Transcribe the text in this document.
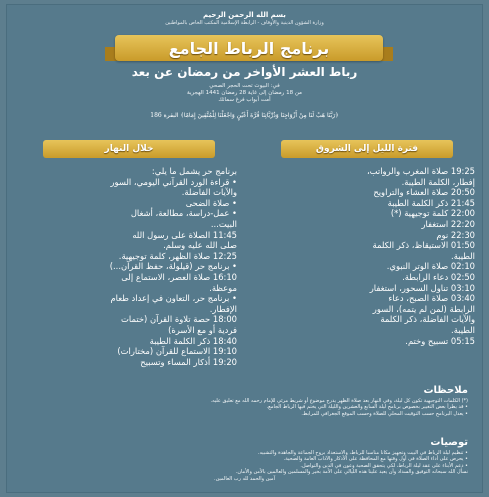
بسم الله الرحمن الرحيم
وزارة الشؤون الدينية والأوقاف - الرابطة الإسلامية المكتب الخاص بالمواطنين
برنامج الرباط الجامع
رباط العشر الأواخر من رمضان عن بعد
في: البيوت تحت الحجر الصحي
من 18 رمضان إلى غاية 28 رمضان 1441 الهجرية
أمت أبواب فرغ سمائك
﴿رَبَّنَا هَبْ لَنَا مِنْ أَزْوَاجِنَا وَذُرِّيَّاتِنَا قُرَّةَ أَعْيُنٍ وَاجْعَلْنَا لِلْمُتَّقِينَ إِمَامًا﴾ البقرة 186
فترة الليل إلى الشروق
19:25 صلاة المغرب والرواتب،
إفطار، الكلمة الطيبة.
20:50 صلاة العشاء والتراويح
21:45 ذكر الكلمة الطيبة
22:00 كلمة توجيهية (*)
22:20 استغفار
22:30 نوم
01:50 الاستيقاظ، ذكر الكلمة
الطيبة.
02:10 صلاة الوتر النبوي.
02:50 دعاء الرابطة.
03:10 تناول السحور، استغفار
03:40 صلاة الصبح، دعاء
الرابطة (لمن لم يتمه)، السور
والآيات الفاضلة، ذكر الكلمة
الطيبة.
05:15 تسبيح وختم.
خلال النهار
برنامج حر يشمل ما يلي:
• قراءة الورد القرآني اليومي، السور
والآيات الفاضلة.
• صلاة الضحى
• عمل-دراسة، مطالعة، أشغال
البيت...
11:45 الصلاة على رسول الله
صلى الله عليه وسلم.
12:25 صلاة الظهر، كلمة توجيهية.
• برنامج حر (قيلولة، حفظ القرآن...)
16:10 صلاة العصر، الاستماع إلى
موعظة.
• برنامج حر، التعاون في إعداد طعام
الإفطار.
18:00 حصة تلاوة القرآن (ختمات
فردية أو مع الأسرة)
18:40 ذكر الكلمة الطيبة
19:10 الاستماع للقرآن (مختارات)
19:20 أذكار المساء وتسبيح
ملاحظات
(*) الكلمات التوجيهية تكون كل ليلة، وفي النهار بعد صلاة الظهر يدرج موضوع أو شريط مرئي للإمام رحمه الله مع تعليق عليه.
• قد يطرأ بعض التغيير بخصوص برنامج ليلة السابع والعشرين والليلة التي يختم فيها الرباط الجامع.
• يعدل البرنامج حسب التوقيت المحلي للصلاة وحسب الموقع الجغرافي للمرابط.
توصيات
• تنظيم ليلة الرباط في البيت وتجهيز مكانا مناسبا للرباط، والاستعداد بروح الجماعة والجاهدة والتشبيه.
• يحرص على أداء الصلاة في أول وقتها مع المحافظة على الأذكار والآداب العامة والصحية.
• دعم الأبناء على عقد ليلة الرباط، لكي يتحقق الصحبة وعون في الدين والتواصل.
نسأل الله سبحانه التوفيق والسداد وأن يعيد علينا هذه الليالي على الأمة بخير والمسلمين والعالمين بالأمن والأمان.
آمين والحمد لله رب العالمين.
